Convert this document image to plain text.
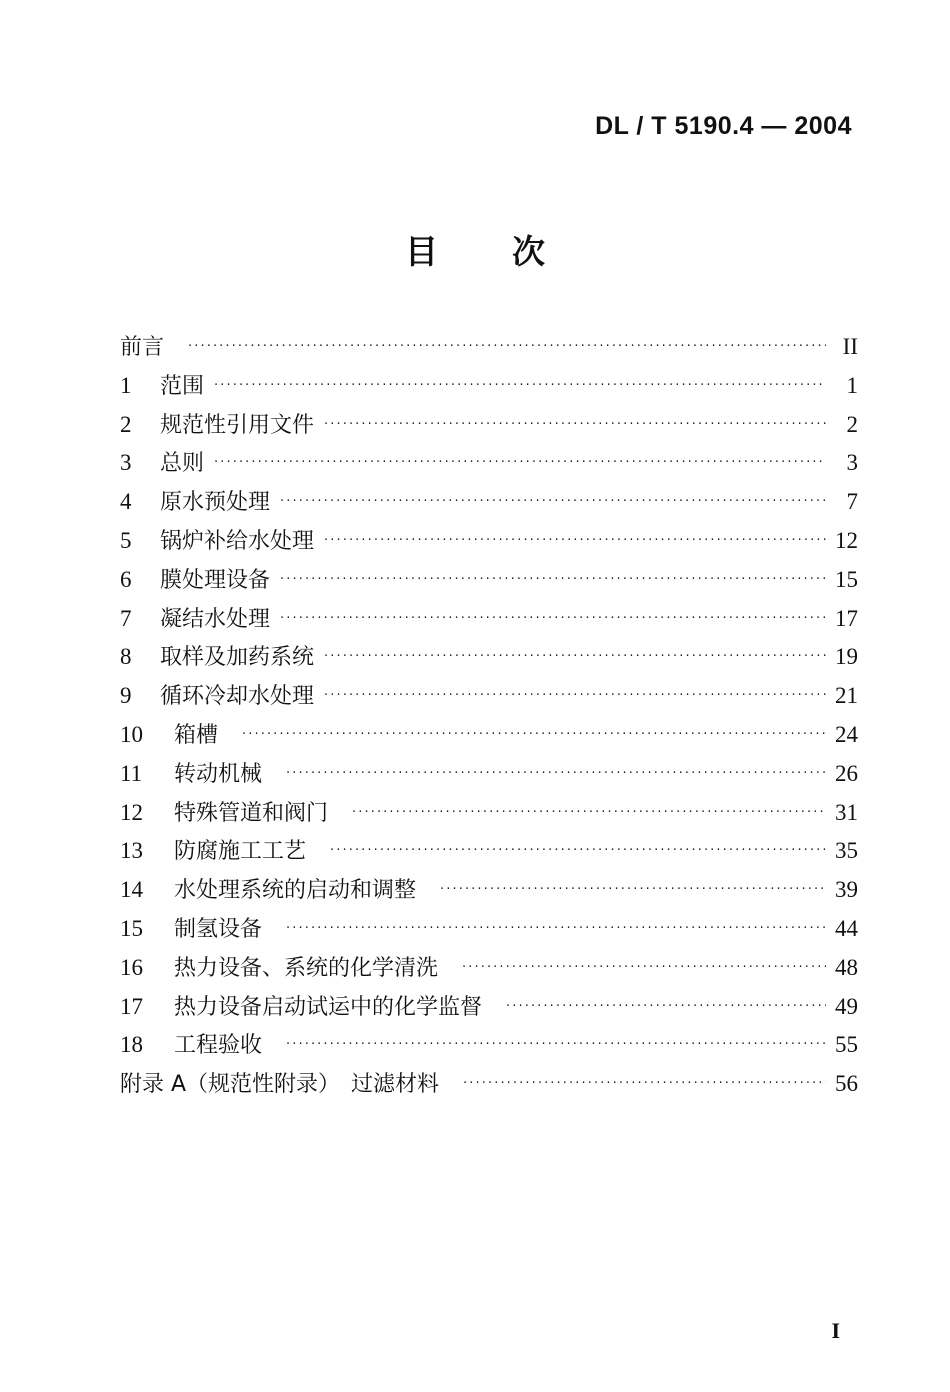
DL / T 5190.4 — 2004
目 次
前言 ·····	II
1	范围 ·····	1
2	规范性引用文件 ·····	2
3	总则 ·····	3
4	原水预处理 ·····	7
5	锅炉补给水处理 ·····	12
6	膜处理设备 ·····	15
7	凝结水处理 ·····	17
8	取样及加药系统 ·····	19
9	循环冷却水处理 ·····	21
10	箱槽 ·····	24
11	转动机械 ·····	26
12	特殊管道和阀门 ·····	31
13	防腐施工工艺 ·····	35
14	水处理系统的启动和调整 ·····	39
15	制氢设备 ·····	44
16	热力设备、系统的化学清洗 ·····	48
17	热力设备启动试运中的化学监督 ·····	49
18	工程验收 ·····	55
附录 A（规范性附录）　过滤材料 ·····	56
I
